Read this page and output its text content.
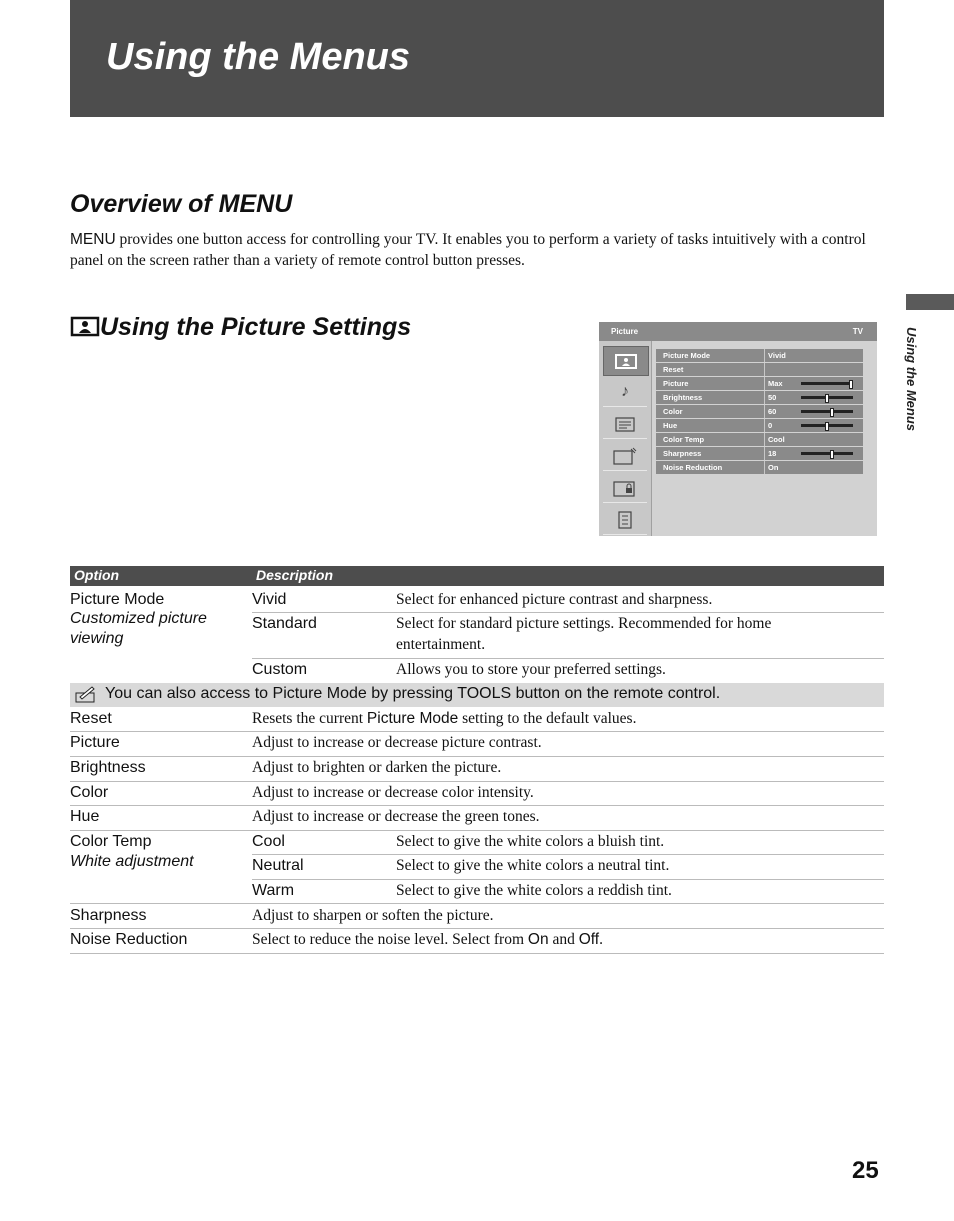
Using the Menus
Using the Menus
Overview of MENU

MENU provides one button access for controlling your TV. It enables you to perform a variety of tasks intuitively with a control panel on the screen rather than a variety of remote control button presses.

Using the Picture Settings	Picture	TV
♪
Picture Mode	Vivid
Reset
Picture	Max
Brightness	50
Color	60
Hue	0
Color Temp	Cool
Sharpness	18
Noise Reduction	On
Option	Description
Picture Mode
Customized picture viewing
Vivid	Select for enhanced picture contrast and sharpness.
Standard	Select for standard picture settings. Recommended for home entertainment.
Custom	Allows you to store your preferred settings.
You can also access to Picture Mode by pressing TOOLS button on the remote control.
Reset	Resets the current Picture Mode setting to the default values.
Picture	Adjust to increase or decrease picture contrast.
Brightness	Adjust to brighten or darken the picture.
Color	Adjust to increase or decrease color intensity.
Hue	Adjust to increase or decrease the green tones.
Color Temp
White adjustment
Cool	Select to give the white colors a bluish tint.
Neutral	Select to give the white colors a neutral tint.
Warm	Select to give the white colors a reddish tint.
Sharpness	Adjust to sharpen or soften the picture.
Noise Reduction	Select to reduce the noise level. Select from On and Off.
25
